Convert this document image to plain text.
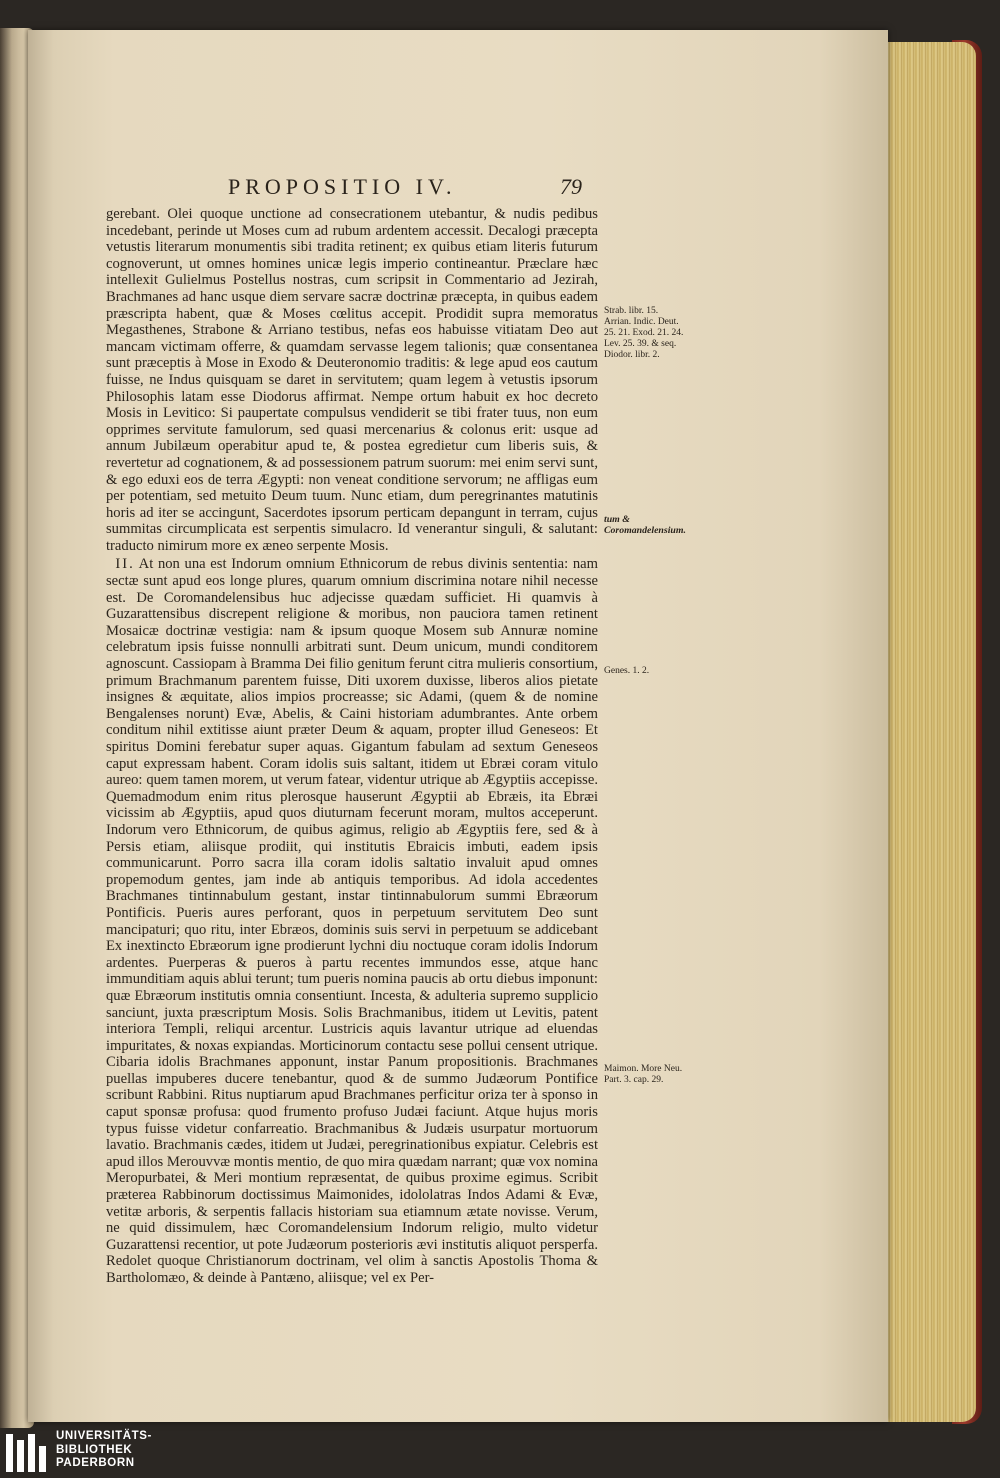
PROPOSITIO IV.	79

gerebant. Olei quoque unctione ad consecrationem utebantur, & nudis pedibus incedebant, perinde ut Moses cum ad rubum ardentem accessit. Decalogi præcepta vetustis literarum monumentis sibi tradita retinent; ex quibus etiam literis futurum cognoverunt, ut omnes homines unicæ legis imperio contineantur. Præclare hæc intellexit Gulielmus Postellus nostras, cum scripsit in Commentario ad Jezirah, Brachmanes ad hanc usque diem servare sacræ doctrinæ præcepta, in quibus eadem præscripta habent, quæ & Moses cœlitus accepit. Prodidit supra memoratus Megasthenes, Strabone & Arriano testibus, nefas eos habuisse vitiatam Deo aut mancam victimam offerre, & quamdam servasse legem talionis; quæ consentanea sunt præceptis à Mose in Exodo & Deuteronomio traditis: & lege apud eos cautum fuisse, ne Indus quisquam se daret in servitutem; quam legem à vetustis ipsorum Philosophis latam esse Diodorus affirmat. Nempe ortum habuit ex hoc decreto Mosis in Levitico: Si paupertate compulsus vendiderit se tibi frater tuus, non eum opprimes servitute famulorum, sed quasi mercenarius & colonus erit: usque ad annum Jubilæum operabitur apud te, & postea egredietur cum liberis suis, & revertetur ad cognationem, & ad possessionem patrum suorum: mei enim servi sunt, & ego eduxi eos de terra Ægypti: non veneat conditione servorum; ne affligas eum per potentiam, sed metuito Deum tuum. Nunc etiam, dum peregrinantes matutinis horis ad iter se accingunt, Sacerdotes ipsorum perticam depangunt in terram, cujus summitas circumplicata est serpentis simulacro. Id venerantur singuli, & salutant: traducto nimirum more ex æneo serpente Mosis.

II. At non una est Indorum omnium Ethnicorum de rebus divinis sententia: nam sectæ sunt apud eos longe plures, quarum omnium discrimina notare nihil necesse est. De Coromandelensibus huc adjecisse quædam sufficiet. Hi quamvis à Guzarattensibus discrepent religione & moribus, non pauciora tamen retinent Mosaicæ doctrinæ vestigia: nam & ipsum quoque Mosem sub Annuræ nomine celebratum ipsis fuisse nonnulli arbitrati sunt. Deum unicum, mundi conditorem agnoscunt. Cassiopam à Bramma Dei filio genitum ferunt citra mulieris consortium, primum Brachmanum parentem fuisse, Diti uxorem duxisse, liberos alios pietate insignes & æquitate, alios impios procreasse; sic Adami, (quem & de nomine Bengalenses norunt) Evæ, Abelis, & Caini historiam adumbrantes. Ante orbem conditum nihil extitisse aiunt præter Deum & aquam, propter illud Geneseos: Et spiritus Domini ferebatur super aquas. Gigantum fabulam ad sextum Geneseos caput expressam habent. Coram idolis suis saltant, itidem ut Ebræi coram vitulo aureo: quem tamen morem, ut verum fatear, videntur utrique ab Ægyptiis accepisse. Quemadmodum enim ritus plerosque hauserunt Ægyptii ab Ebræis, ita Ebræi vicissim ab Ægyptiis, apud quos diuturnam fecerunt moram, multos acceperunt. Indorum vero Ethnicorum, de quibus agimus, religio ab Ægyptiis fere, sed & à Persis etiam, aliisque prodiit, qui institutis Ebraicis imbuti, eadem ipsis communicarunt. Porro sacra illa coram idolis saltatio invaluit apud omnes propemodum gentes, jam inde ab antiquis temporibus. Ad idola accedentes Brachmanes tintinnabulum gestant, instar tintinnabulorum summi Ebræorum Pontificis. Pueris aures perforant, quos in perpetuum servitutem Deo sunt mancipaturi; quo ritu, inter Ebræos, dominis suis servi in perpetuum se addicebant Ex inextincto Ebræorum igne prodierunt lychni diu noctuque coram idolis Indorum ardentes. Puerperas & pueros à partu recentes immundos esse, atque hanc immunditiam aquis ablui terunt; tum pueris nomina paucis ab ortu diebus imponunt: quæ Ebræorum institutis omnia consentiunt. Incesta, & adulteria supremo supplicio sanciunt, juxta præscriptum Mosis. Solis Brachmanibus, itidem ut Levitis, patent interiora Templi, reliqui arcentur. Lustricis aquis lavantur utrique ad eluendas impuritates, & noxas expiandas. Morticinorum contactu sese pollui censent utrique. Cibaria idolis Brachmanes apponunt, instar Panum propositionis. Brachmanes puellas impuberes ducere tenebantur, quod & de summo Judæorum Pontifice scribunt Rabbini. Ritus nuptiarum apud Brachmanes perficitur oriza ter à sponso in caput sponsæ profusa: quod frumento profuso Judæi faciunt. Atque hujus moris typus fuisse videtur confarreatio. Brachmanibus & Judæis usurpatur mortuorum lavatio. Brachmanis cædes, itidem ut Judæi, peregrinationibus expiatur. Celebris est apud illos Merouvvæ montis mentio, de quo mira quædam narrant; quæ vox nomina Meropurbatei, & Meri montium repræsentat, de quibus proxime egimus. Scribit præterea Rabbinorum doctissimus Maimonides, idololatras Indos Adami & Evæ, vetitæ arboris, & serpentis fallacis historiam sua etiamnum ætate novisse. Verum, ne quid dissimulem, hæc Coromandelensium Indorum religio, multo videtur Guzarattensi recentior, ut pote Judæorum posterioris ævi institutis aliquot persperfa. Redolet quoque Christianorum doctrinam, vel olim à sanctis Apostolis Thoma & Bartholomæo, & deinde à Pantæno, aliisque; vel ex Per-

Strab. libr. 15. Arrian. Indic. Deut. 25. 21. Exod. 21. 24. Lev. 25. 39. & seq. Diodor. libr. 2.
tum & Coromandelensium.
Genes. 1. 2.
Maimon. More Neu. Part. 3. cap. 29.
UNIVERSITÄTS-
BIBLIOTHEK
PADERBORN
